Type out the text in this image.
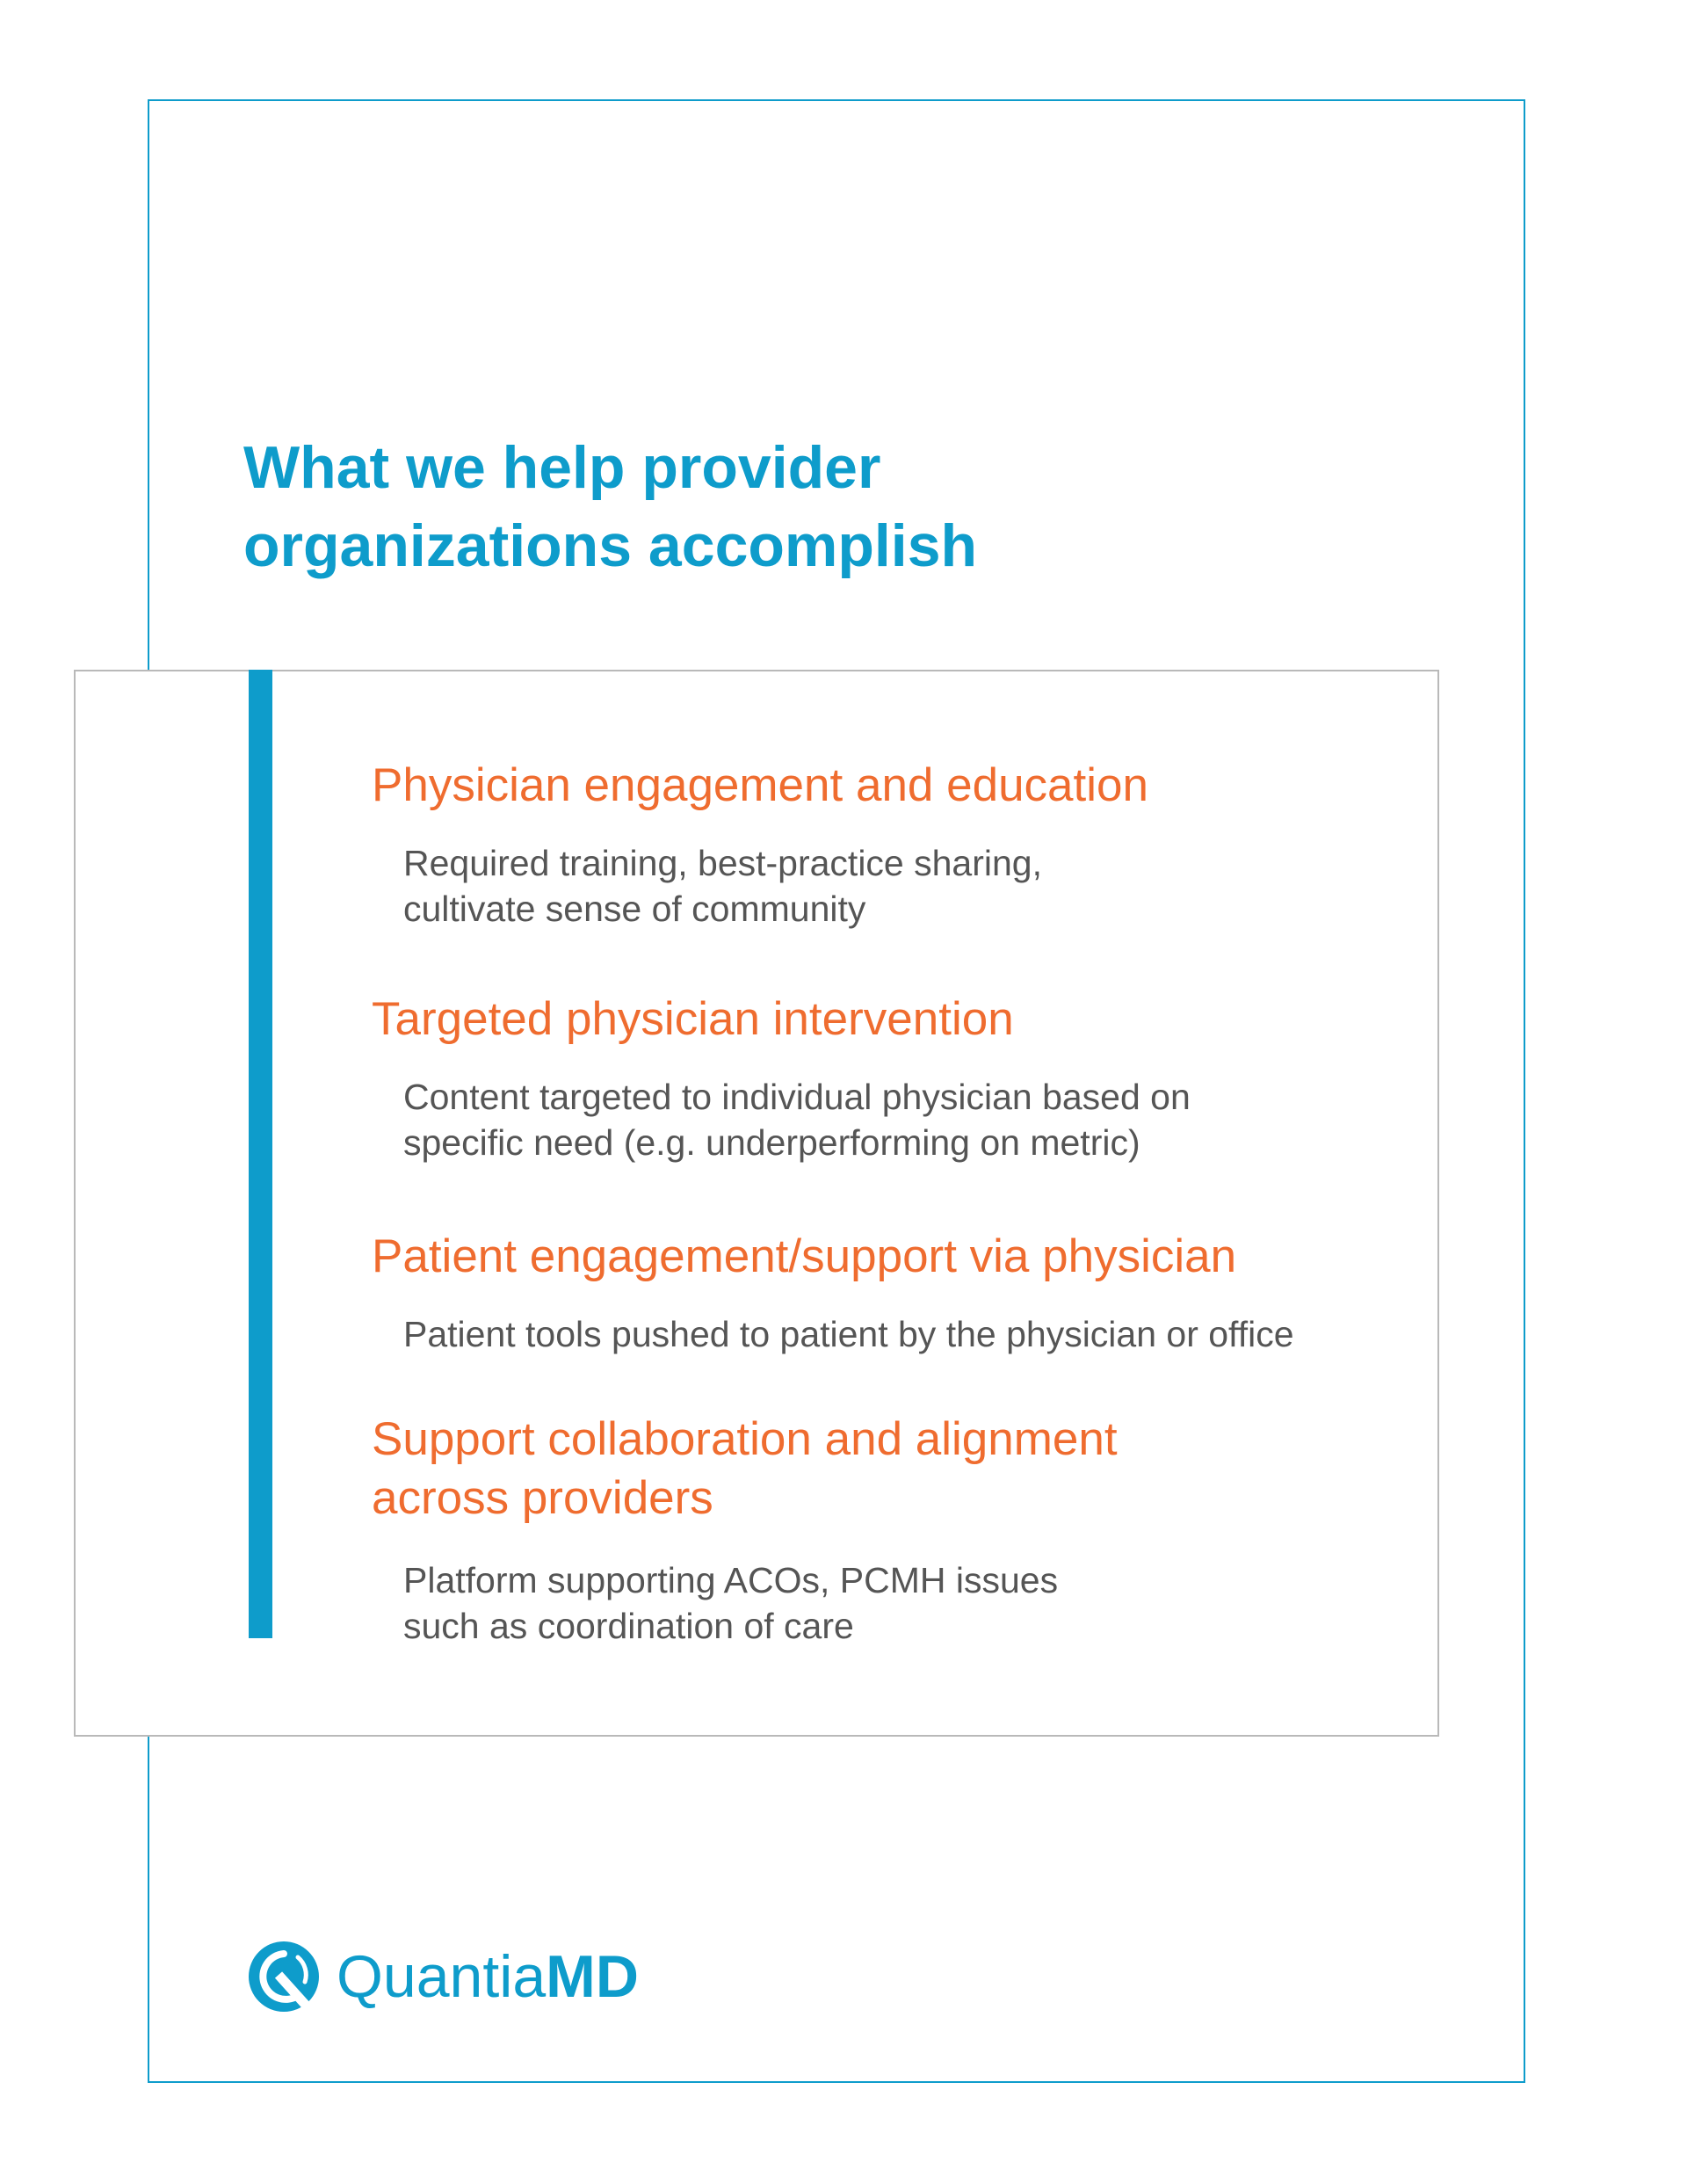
What we help provider
organizations accomplish
Physician engagement and education

Required training, best-practice sharing,
cultivate sense of community

Targeted physician intervention

Content targeted to individual physician based on
specific need (e.g. underperforming on metric)

Patient engagement/support via physician

Patient tools pushed to patient by the physician or office

Support collaboration and alignment
across providers

Platform supporting ACOs, PCMH issues
such as coordination of care

QuantiaMD
